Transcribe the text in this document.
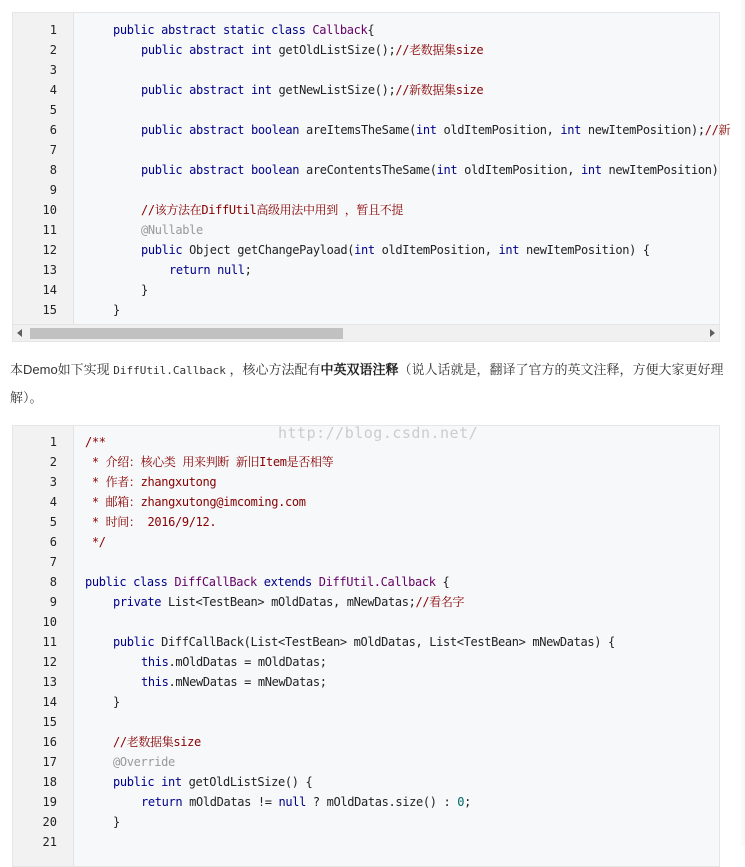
1	public abstract static class Callback{
2	public abstract int getOldListSize();//老数据集size
3
4	public abstract int getNewListSize();//新数据集size
5
6	public abstract boolean areItemsTheSame(int oldItemPosition, int newItemPosition);//新
7
8	public abstract boolean areContentsTheSame(int oldItemPosition, int newItemPosition)
9
10	//该方法在DiffUtil高级用法中用到 ，暂且不提
11	@Nullable
12	public Object getChangePayload(int oldItemPosition, int newItemPosition) {
13	return null;
14	}
15	}
本Demo如下实现 DiffUtil.Callback ，核心方法配有中英双语注释（说人话就是，翻译了官方的英文注释，方便大家更好理解）。
1 /**
2 * 介绍：核心类 用来判断 新旧Item是否相等
3 * 作者：zhangxutong
4 * 邮箱：zhangxutong@imcoming.com
5 * 时间： 2016/9/12.
6 */
7
8 public class DiffCallBack extends DiffUtil.Callback {
9	private List<TestBean> mOldDatas, mNewDatas;//看名字
10
11	public DiffCallBack(List<TestBean> mOldDatas, List<TestBean> mNewDatas) {
12	this.mOldDatas = mOldDatas;
13	this.mNewDatas = mNewDatas;
14	}
15
16	//老数据集size
17	@Override
18	public int getOldListSize() {
19	return mOldDatas != null ? mOldDatas.size() : 0;
20	}
21
http://blog.csdn.net/
